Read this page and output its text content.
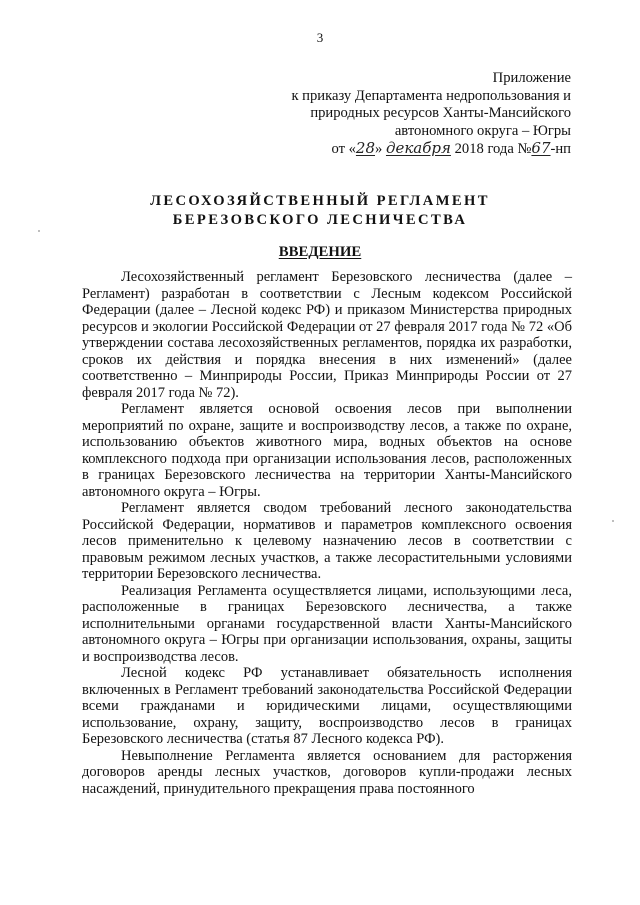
3
Приложение
к приказу Департамента недропользования и
природных ресурсов Ханты-Мансийского
автономного округа – Югры
от «28» декабря 2018 года №67-нп
ЛЕСОХОЗЯЙСТВЕННЫЙ РЕГЛАМЕНТ
БЕРЕЗОВСКОГО ЛЕСНИЧЕСТВА
ВВЕДЕНИЕ

Лесохозяйственный регламент Березовского лесничества (далее – Регламент) разработан в соответствии с Лесным кодексом Российской Федерации (далее – Лесной кодекс РФ) и приказом Министерства природных ресурсов и экологии Российской Федерации от 27 февраля 2017 года № 72 «Об утверждении состава лесохозяйственных регламентов, порядка их разработки, сроков их действия и порядка внесения в них изменений» (далее соответственно – Минприроды России, Приказ Минприроды России от 27 февраля 2017 года № 72).

Регламент является основой освоения лесов при выполнении мероприятий по охране, защите и воспроизводству лесов, а также по охране, использованию объектов животного мира, водных объектов на основе комплексного подхода при организации использования лесов, расположенных в границах Березовского лесничества на территории Ханты-Мансийского автономного округа – Югры.

Регламент является сводом требований лесного законодательства Российской Федерации, нормативов и параметров комплексного освоения лесов применительно к целевому назначению лесов в соответствии с правовым режимом лесных участков, а также лесорастительными условиями территории Березовского лесничества.

Реализация Регламента осуществляется лицами, использующими леса, расположенные в границах Березовского лесничества, а также исполнительными органами государственной власти Ханты-Мансийского автономного округа – Югры при организации использования, охраны, защиты и воспроизводства лесов.

Лесной кодекс РФ устанавливает обязательность исполнения включенных в Регламент требований законодательства Российской Федерации всеми гражданами и юридическими лицами, осуществляющими использование, охрану, защиту, воспроизводство лесов в границах Березовского лесничества (статья 87 Лесного кодекса РФ).

Невыполнение Регламента является основанием для расторжения договоров аренды лесных участков, договоров купли-продажи лесных насаждений, принудительного прекращения права постоянного
